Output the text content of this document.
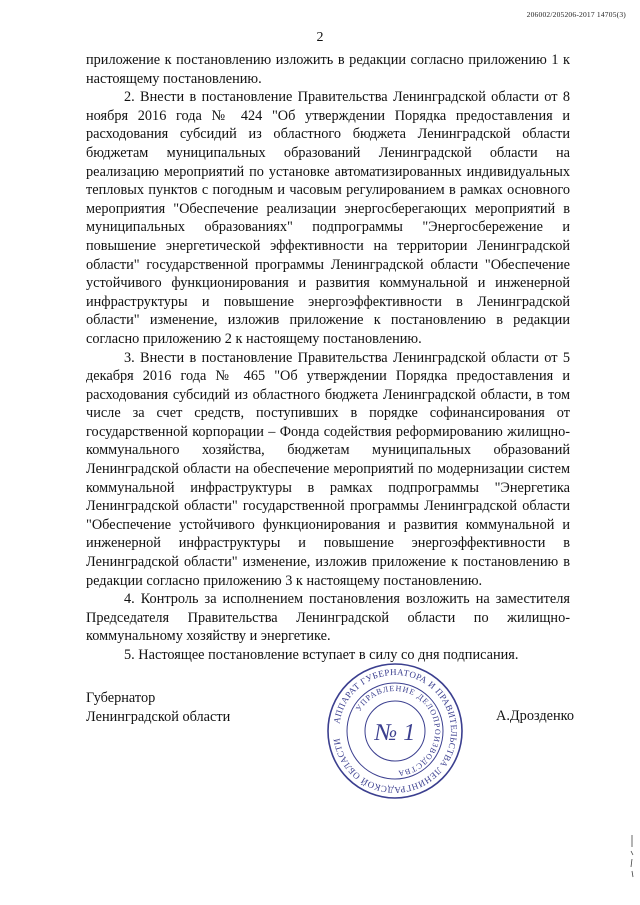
206002/205206-2017 14705(3)
2

приложение к постановлению изложить в редакции согласно приложению 1 к настоящему постановлению.

2. Внести в постановление Правительства Ленинградской области от 8 ноября 2016 года № 424 "Об утверждении Порядка предоставления и расходования субсидий из областного бюджета Ленинградской области бюджетам муниципальных образований Ленинградской области на реализацию мероприятий по установке автоматизированных индивидуальных тепловых пунктов с погодным и часовым регулированием в рамках основного мероприятия "Обеспечение реализации энергосберегающих мероприятий в муниципальных образованиях" подпрограммы "Энергосбережение и повышение энергетической эффективности на территории Ленинградской области" государственной программы Ленинградской области "Обеспечение устойчивого функционирования и развития коммунальной и инженерной инфраструктуры и повышение энергоэффективности в Ленинградской области" изменение, изложив приложение к постановлению в редакции согласно приложению 2 к настоящему постановлению.

3. Внести в постановление Правительства Ленинградской области от 5 декабря 2016 года № 465 "Об утверждении Порядка предоставления и расходования субсидий из областного бюджета Ленинградской области, в том числе за счет средств, поступивших в порядке софинансирования от государственной корпорации – Фонда содействия реформированию жилищно-коммунального хозяйства, бюджетам муниципальных образований Ленинградской области на обеспечение мероприятий по модернизации систем коммунальной инфраструктуры в рамках подпрограммы "Энергетика Ленинградской области" государственной программы Ленинградской области "Обеспечение устойчивого функционирования и развития коммунальной и инженерной инфраструктуры и повышение энергоэффективности в Ленинградской области" изменение, изложив приложение к постановлению в редакции согласно приложению 3 к настоящему постановлению.

4. Контроль за исполнением постановления возложить на заместителя Председателя Правительства Ленинградской области по жилищно-коммунальному хозяйству и энергетике.

5. Настоящее постановление вступает в силу со дня подписания.

Губернатор
Ленинградской области	А.Дрозденко
АППАРАТ ГУБЕРНАТОРА И ПРАВИТЕЛЬСТВА ЛЕНИНГРАДСКОЙ ОБЛАСТИ
УПРАВЛЕНИЕ ДЕЛОПРОИЗВОДСТВА
№ 1
